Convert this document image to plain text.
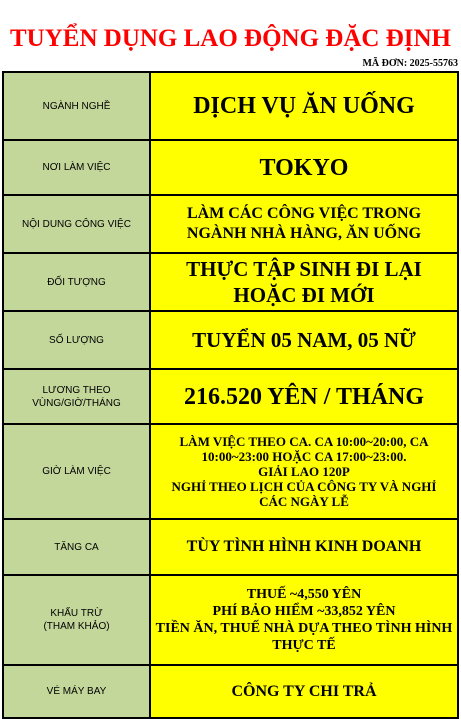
TUYỂN DỤNG LAO ĐỘNG ĐẶC ĐỊNH
MÃ ĐƠN: 2025-55763
NGÀNH NGHỀ	DỊCH VỤ ĂN UỐNG

NƠI LÀM VIỆC	TOKYO

NỘI DUNG CÔNG VIỆC	LÀM CÁC CÔNG VIỆC TRONG
NGÀNH NHÀ HÀNG, ĂN UỐNG

ĐỐI TƯỢNG	THỰC TẬP SINH ĐI LẠI
HOẶC ĐI MỚI

SỐ LƯỢNG	TUYỂN 05 NAM, 05 NỮ

LƯƠNG THEO
VÙNG/GIỜ/THÁNG	216.520 YÊN / THÁNG

GIỜ LÀM VIỆC	LÀM VIỆC THEO CA. CA 10:00~20:00, CA
10:00~23:00 HOẶC CA 17:00~23:00.
GIẢI LAO 120P
NGHỈ THEO LỊCH CỦA CÔNG TY VÀ NGHỈ
CÁC NGÀY LỄ

TĂNG CA	TÙY TÌNH HÌNH KINH DOANH

KHẤU TRỪ
(THAM KHẢO)	THUẾ ~4,550 YÊN
PHÍ BẢO HIỂM ~33,852 YÊN
TIỀN ĂN, THUẾ NHÀ DỰA THEO TÌNH HÌNH
THỰC TẾ

VÉ MÁY BAY	CÔNG TY CHI TRẢ
